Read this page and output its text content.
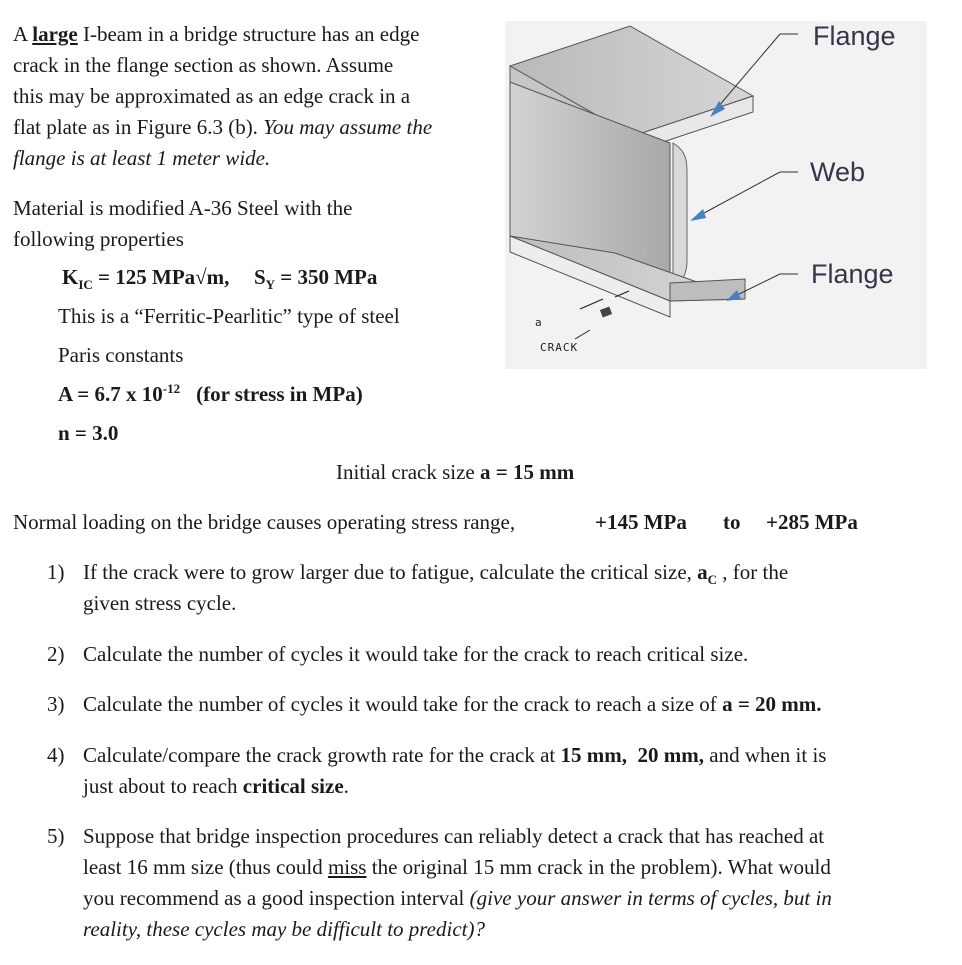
A large I-beam in a bridge structure has an edge
crack in the flange section as shown. Assume
this may be approximated as an edge crack in a
flat plate as in Figure 6.3 (b). You may assume the
flange is at least 1 meter wide.
Material is modified A-36 Steel with the
following properties
$K_{IC} = 125$ MPa√m, $S_Y = 350$ MPa
This is a “Ferritic-Pearlitic” type of steel
Paris constants
A = 6.7 x $10^{-12}$ (for stress in MPa)
n = 3.0
a
CRACK
Flange
Web
Flange
Initial crack size a = 15 mm
Normal loading on the bridge causes operating stress range,	+145 MPa to +285 MPa
1) If the crack were to grow larger due to fatigue, calculate the critical size, $a_C$ , for the
given stress cycle.
2) Calculate the number of cycles it would take for the crack to reach critical size.
3) Calculate the number of cycles it would take for the crack to reach a size of a = 20 mm.
4) Calculate/compare the crack growth rate for the crack at 15 mm, 20 mm, and when it is
just about to reach critical size.
5) Suppose that bridge inspection procedures can reliably detect a crack that has reached at
least 16 mm size (thus could miss the original 15 mm crack in the problem). What would
you recommend as a good inspection interval (give your answer in terms of cycles, but in
reality, these cycles may be difficult to predict)?
